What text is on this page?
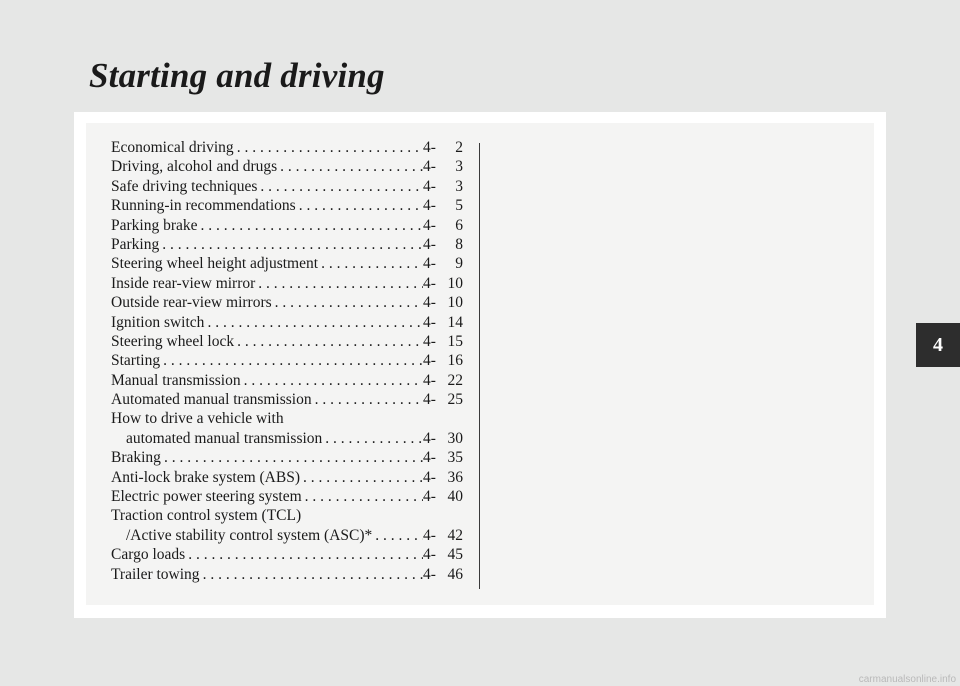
Starting and driving
Economical driving . . .	4-	2
Driving, alcohol and drugs . . .	4-	3
Safe driving techniques . . .	4-	3
Running-in recommendations . . .	4-	5
Parking brake . . .	4-	6
Parking . . .	4-	8
Steering wheel height adjustment . . .	4-	9
Inside rear-view mirror . . .	4- 10
Outside rear-view mirrors . . .	4- 10
Ignition switch . . .	4- 14
Steering wheel lock . . .	4- 15
Starting . . .	4- 16
Manual transmission . . .	4- 22
Automated manual transmission . . .	4- 25
How to drive a vehicle with
automated manual transmission . . .	4- 30
Braking . . .	4- 35
Anti-lock brake system (ABS) . . .	4- 36
Electric power steering system . . .	4- 40
Traction control system (TCL)
/Active stability control system (ASC)* . . .	4- 42
Cargo loads . . .	4- 45
Trailer towing . . .	4- 46
4
carmanualsonline.info
